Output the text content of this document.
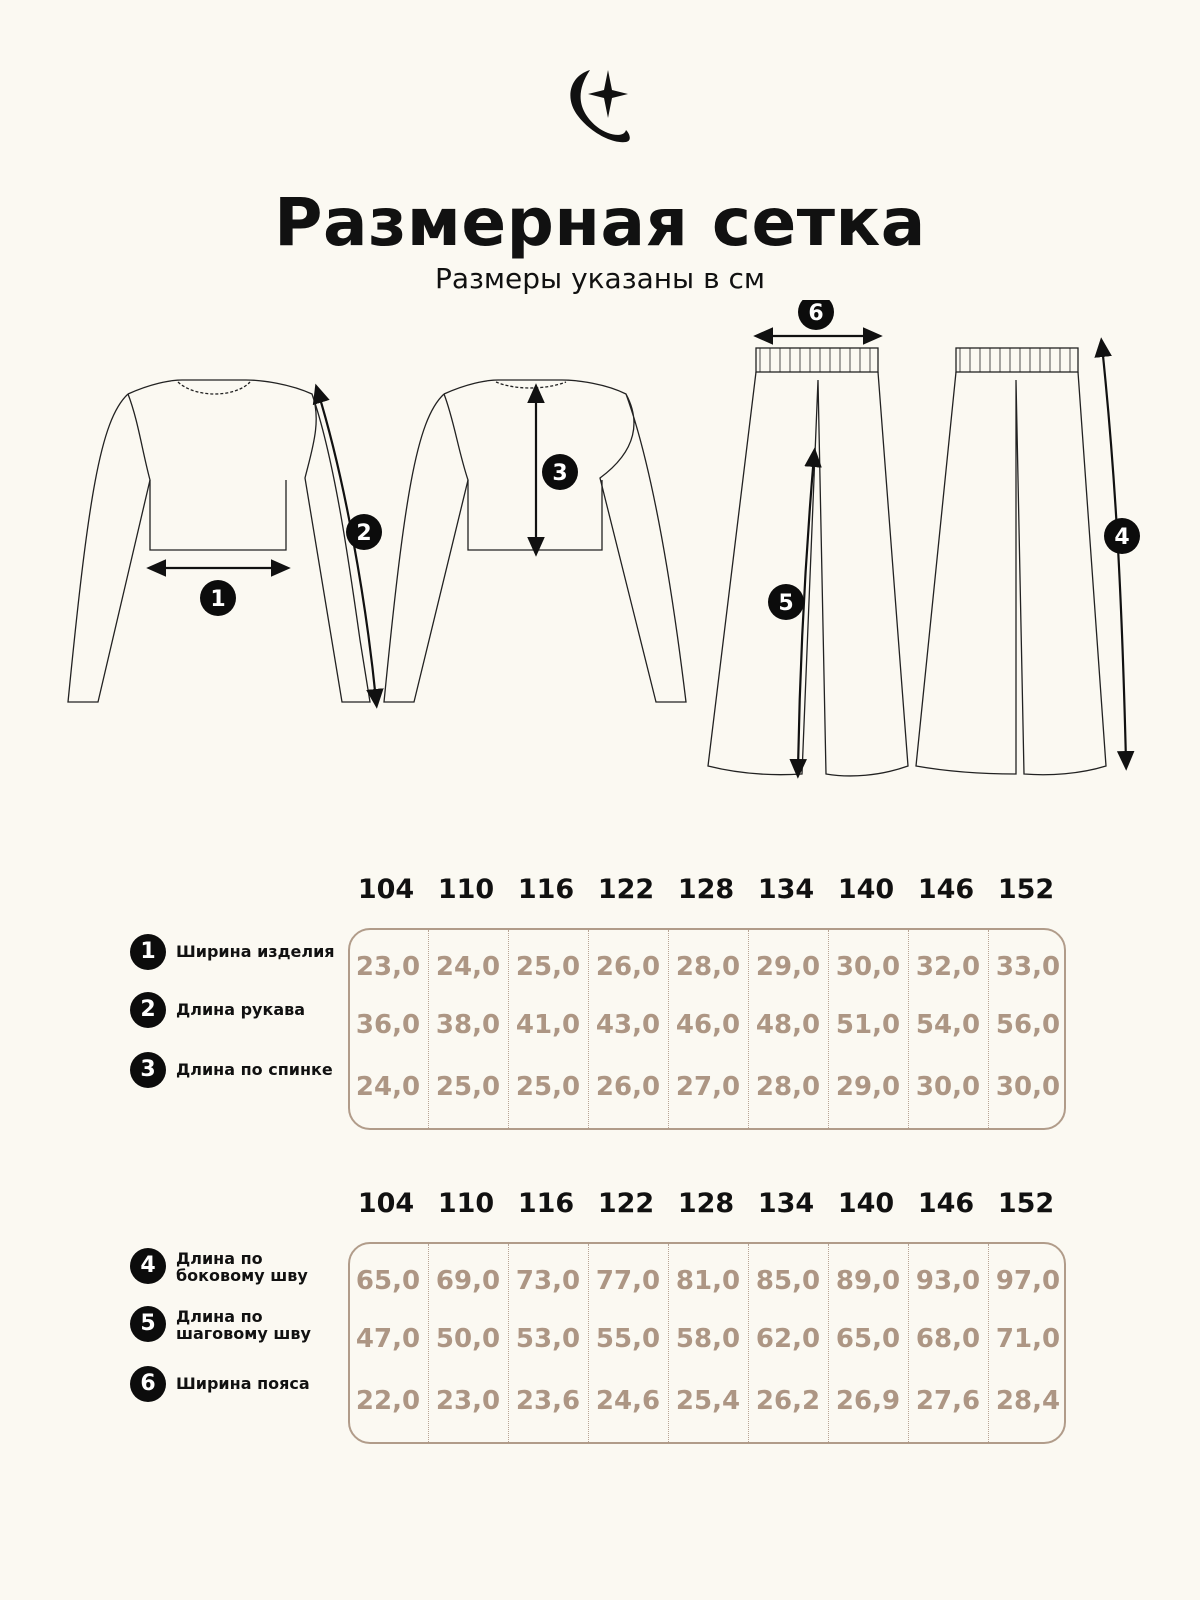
Размерная сетка
Размеры указаны в см
1
2
3
4
5
6
104 110 116 122 128 134 140 146 152
23,0 24,0 25,0 26,0 28,0 29,0 30,0 32,0 33,0
36,0 38,0 41,0 43,0 46,0 48,0 51,0 54,0 56,0
24,0 25,0 25,0 26,0 27,0 28,0 29,0 30,0 30,0
1	Ширина изделия
2	Длина рукава
3	Длина по спинке
104 110 116 122 128 134 140 146 152
65,0 69,0 73,0 77,0 81,0 85,0 89,0 93,0 97,0
47,0 50,0 53,0 55,0 58,0 62,0 65,0 68,0 71,0
22,0 23,0 23,6 24,6 25,4 26,2 26,9 27,6 28,4
4	Длина по боковому шву
5	Длина по шаговому шву
6	Ширина пояса
